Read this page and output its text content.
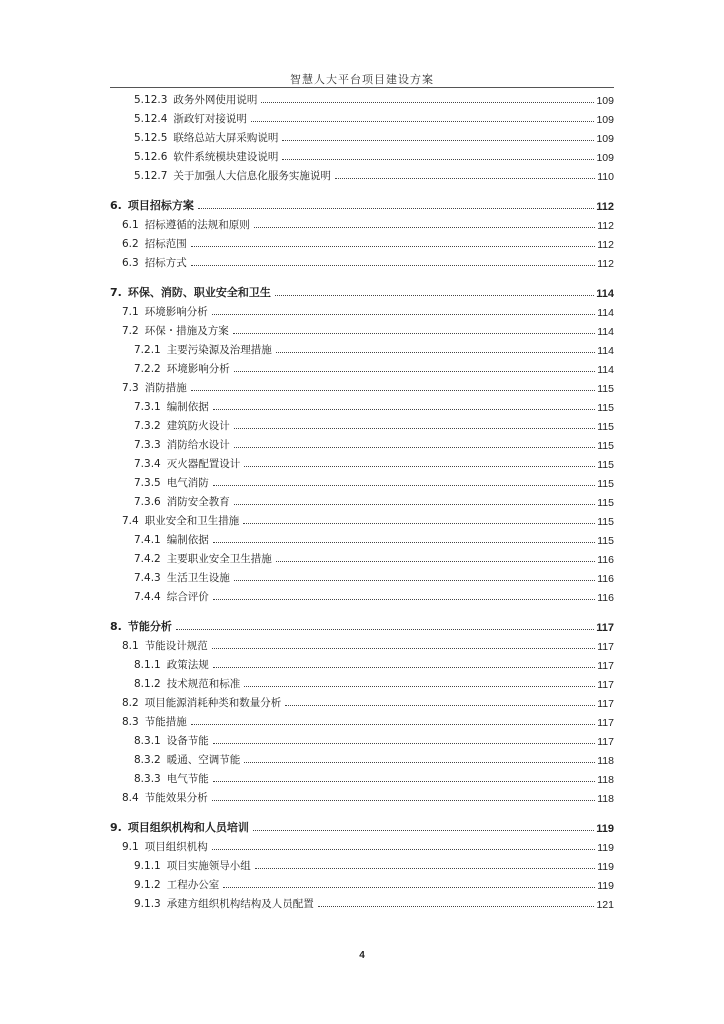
智慧人大平台项目建设方案
5.12.3 政务外网使用说明	109
5.12.4 浙政钉对接说明	109
5.12.5 联络总站大屏采购说明	109
5.12.6 软件系统模块建设说明	109
5.12.7 关于加强人大信息化服务实施说明	110
6. 项目招标方案	112
6.1 招标遵循的法规和原则	112
6.2 招标范围	112
6.3 招标方式	112
7. 环保、消防、职业安全和卫生	114
7.1 环境影响分析	114
7.2 环保・措施及方案	114
7.2.1 主要污染源及治理措施	114
7.2.2 环境影响分析	114
7.3 消防措施	115
7.3.1 编制依据	115
7.3.2 建筑防火设计	115
7.3.3 消防给水设计	115
7.3.4 灭火器配置设计	115
7.3.5 电气消防	115
7.3.6 消防安全教育	115
7.4 职业安全和卫生措施	115
7.4.1 编制依据	115
7.4.2 主要职业安全卫生措施	116
7.4.3 生活卫生设施	116
7.4.4 综合评价	116
8. 节能分析	117
8.1 节能设计规范	117
8.1.1 政策法规	117
8.1.2 技术规范和标准	117
8.2 项目能源消耗种类和数量分析	117
8.3 节能措施	117
8.3.1 设备节能	117
8.3.2 暖通、空调节能	118
8.3.3 电气节能	118
8.4 节能效果分析	118
9. 项目组织机构和人员培训	119
9.1 项目组织机构	119
9.1.1 项目实施领导小组	119
9.1.2 工程办公室	119
9.1.3 承建方组织机构结构及人员配置	121
4
